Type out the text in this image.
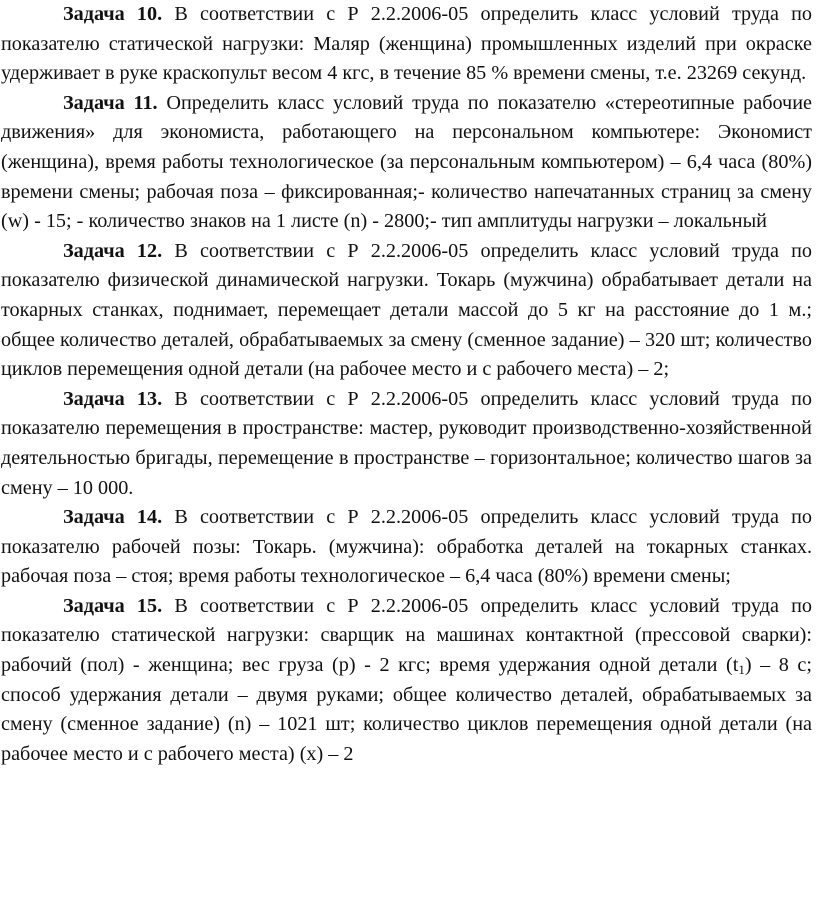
Задача 10. В соответствии с Р 2.2.2006-05 определить класс условий труда по показателю статической нагрузки: Маляр (женщина) промышленных изделий при окраске удерживает в руке краскопульт весом 4 кгс, в течение 85 % времени смены, т.е. 23269 секунд.

Задача 11. Определить класс условий труда по показателю «стереотипные рабочие движения» для экономиста, работающего на персональном компьютере: Экономист (женщина), время работы технологическое (за персональным компьютером) – 6,4 часа (80%) времени смены; рабочая поза – фиксированная;- количество напечатанных страниц за смену (w) - 15; - количество знаков на 1 листе (n) - 2800;- тип амплитуды нагрузки – локальный

Задача 12. В соответствии с Р 2.2.2006-05 определить класс условий труда по показателю физической динамической нагрузки. Токарь (мужчина) обрабатывает детали на токарных станках, поднимает, перемещает детали массой до 5 кг на расстояние до 1 м.; общее количество деталей, обрабатываемых за смену (сменное задание) – 320 шт; количество циклов перемещения одной детали (на рабочее место и с рабочего места) – 2;

Задача 13. В соответствии с Р 2.2.2006-05 определить класс условий труда по показателю перемещения в пространстве: мастер, руководит производственно-хозяйственной деятельностью бригады, перемещение в пространстве – горизонтальное; количество шагов за смену – 10 000.

Задача 14. В соответствии с Р 2.2.2006-05 определить класс условий труда по показателю рабочей позы: Токарь. (мужчина): обработка деталей на токарных станках. рабочая поза – стоя; время работы технологическое – 6,4 часа (80%) времени смены;

Задача 15. В соответствии с Р 2.2.2006-05 определить класс условий труда по показателю статической нагрузки: сварщик на машинах контактной (прессовой сварки): рабочий (пол) - женщина; вес груза (р) - 2 кгс; время удержания одной детали $(t_1) - 8$ с; способ удержания детали – двумя руками; общее количество деталей, обрабатываемых за смену (сменное задание) (n) – 1021 шт; количество циклов перемещения одной детали (на рабочее место и с рабочего места) (х) – 2
